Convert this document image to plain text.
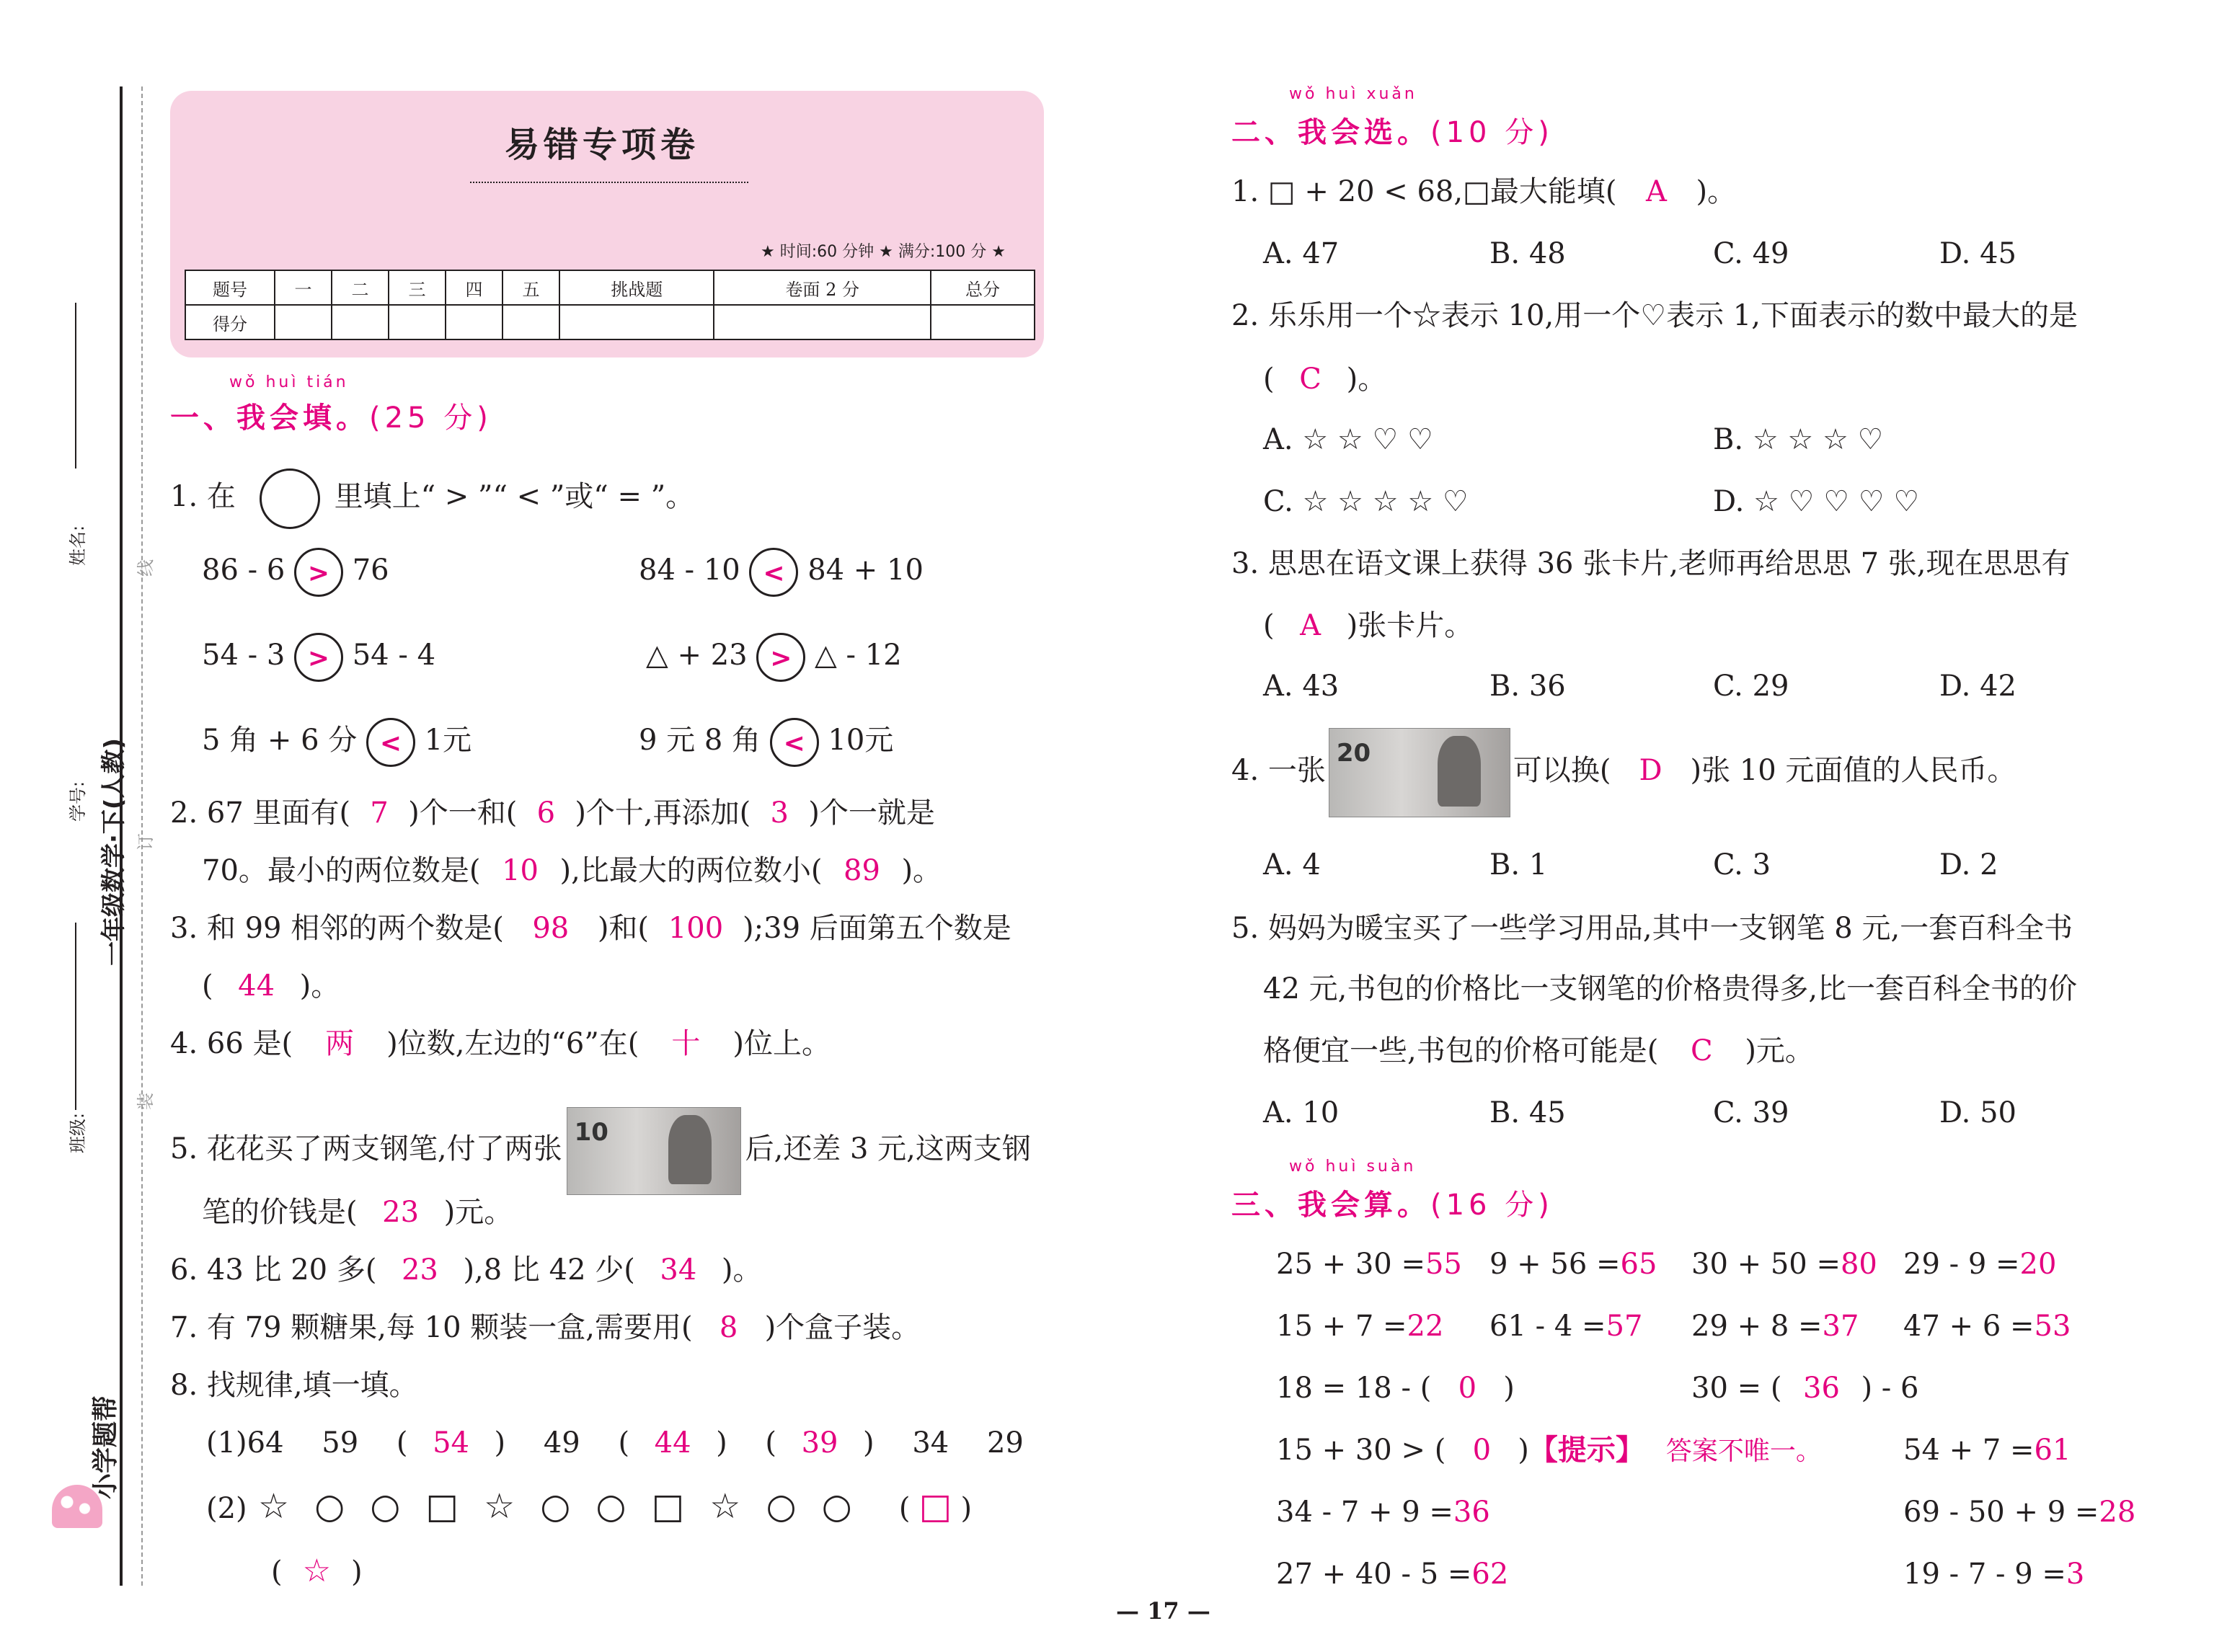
姓名:
学号:
班级:
一年级数学·下(人教)
线
订
装
小学题帮
易错专项卷
★ 时间:60 分钟 ★ 满分:100 分 ★
题号	一	二	三	四	五	挑战题	卷面 2 分	总分
得分								
wǒ huì tián
一、我会填。(25 分)
1. 在	里填上“ > ”“ < ”或“ = ”。
86 - 6 > 76	84 - 10 < 84 + 10
54 - 3 > 54 - 4	△ + 23 > △ - 12
5 角 + 6 分 < 1元	9 元 8 角 < 10元
2. 67 里面有( 7 )个一和( 6 )个十,再添加( 3 )个一就是
70。最小的两位数是( 10 ),比最大的两位数小( 89 )。
3. 和 99 相邻的两个数是( 98 )和( 100 );39 后面第五个数是
( 44 )。
4. 66 是( 两 )位数,左边的“6”在( 十 )位上。
5. 花花买了两支钢笔,付了两张 10	后,还差 3 元,这两支钢
笔的价钱是( 23 )元。
6. 43 比 20 多( 23 ),8 比 42 少( 34 )。
7. 有 79 颗糖果,每 10 颗装一盒,需要用( 8 )个盒子装。
8. 找规律,填一填。
(1)64 59 ( 54 ) 49 ( 44 ) ( 39 ) 34 29
(2) ☆ ○ ○ □ ☆ ○ ○ □ ☆ ○ ○ ( □ )
( ☆ )
wǒ huì xuǎn
二、我会选。(10 分)
1. □ + 20 < 68,□最大能填( A )。
A. 47	B. 48	C. 49	D. 45
2. 乐乐用一个☆表示 10,用一个♡表示 1,下面表示的数中最大的是
( C )。
A. ☆ ☆ ♡ ♡	B. ☆ ☆ ☆ ♡
C. ☆ ☆ ☆ ☆ ♡	D. ☆ ♡ ♡ ♡ ♡
3. 思思在语文课上获得 36 张卡片,老师再给思思 7 张,现在思思有
( A )张卡片。
A. 43	B. 36	C. 29	D. 42
4. 一张
20
可以换( D )张 10 元面值的人民币。
A. 4	B. 1	C. 3	D. 2
5. 妈妈为暖宝买了一些学习用品,其中一支钢笔 8 元,一套百科全书
42 元,书包的价格比一支钢笔的价格贵得多,比一套百科全书的价
格便宜一些,书包的价格可能是( C )元。
A. 10	B. 45	C. 39	D. 50
wǒ huì suàn
三、我会算。(16 分)
25 + 30 =55 9 + 56 =65 30 + 50 =80 29 - 9 =20
15 + 7 =22 61 - 4 =57 29 + 8 =37 47 + 6 =53
18 = 18 - ( 0 )	30 = ( 36 ) - 6
15 + 30 > ( 0 )【提示】 答案不唯一。	54 + 7 =61
34 - 7 + 9 =36	69 - 50 + 9 =28
27 + 40 - 5 =62	19 - 7 - 9 =3
— 17 —
